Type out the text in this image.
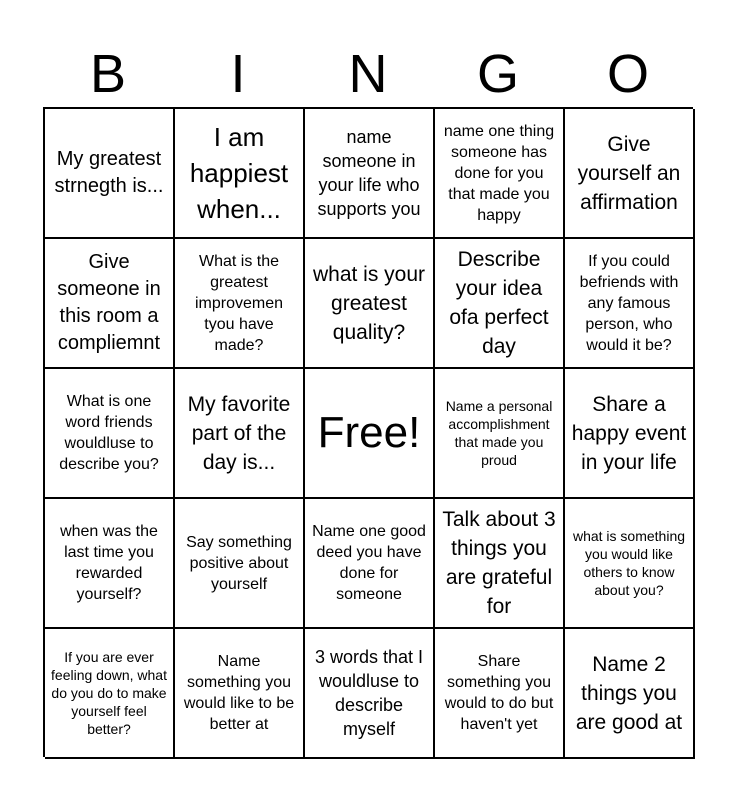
B	I	N	G	O
My greatest strnegth is...
I am happiest when...
name someone in your life who supports you
name one thing someone has done for you that made you happy
Give yourself an affirmation
Give someone in this room a compliemnt
What is the greatest improvemen tyou have made?
what is your greatest quality?
Describe your idea ofa perfect day
If you could befriends with any famous person, who would it be?
What is one word friends wouldluse to describe you?
My favorite part of the day is...
Free!
Name a personal accomplishment that made you proud
Share a happy event in your life
when was the last time you rewarded yourself?
Say something positive about yourself
Name one good deed you have done for someone
Talk about 3 things you are grateful for
what is something you would like others to know about you?
If you are ever feeling down, what do you do to make yourself feel better?
Name something you would like to be better at
3 words that I wouldluse to describe myself
Share something you would to do but haven't yet
Name 2 things you are good at
